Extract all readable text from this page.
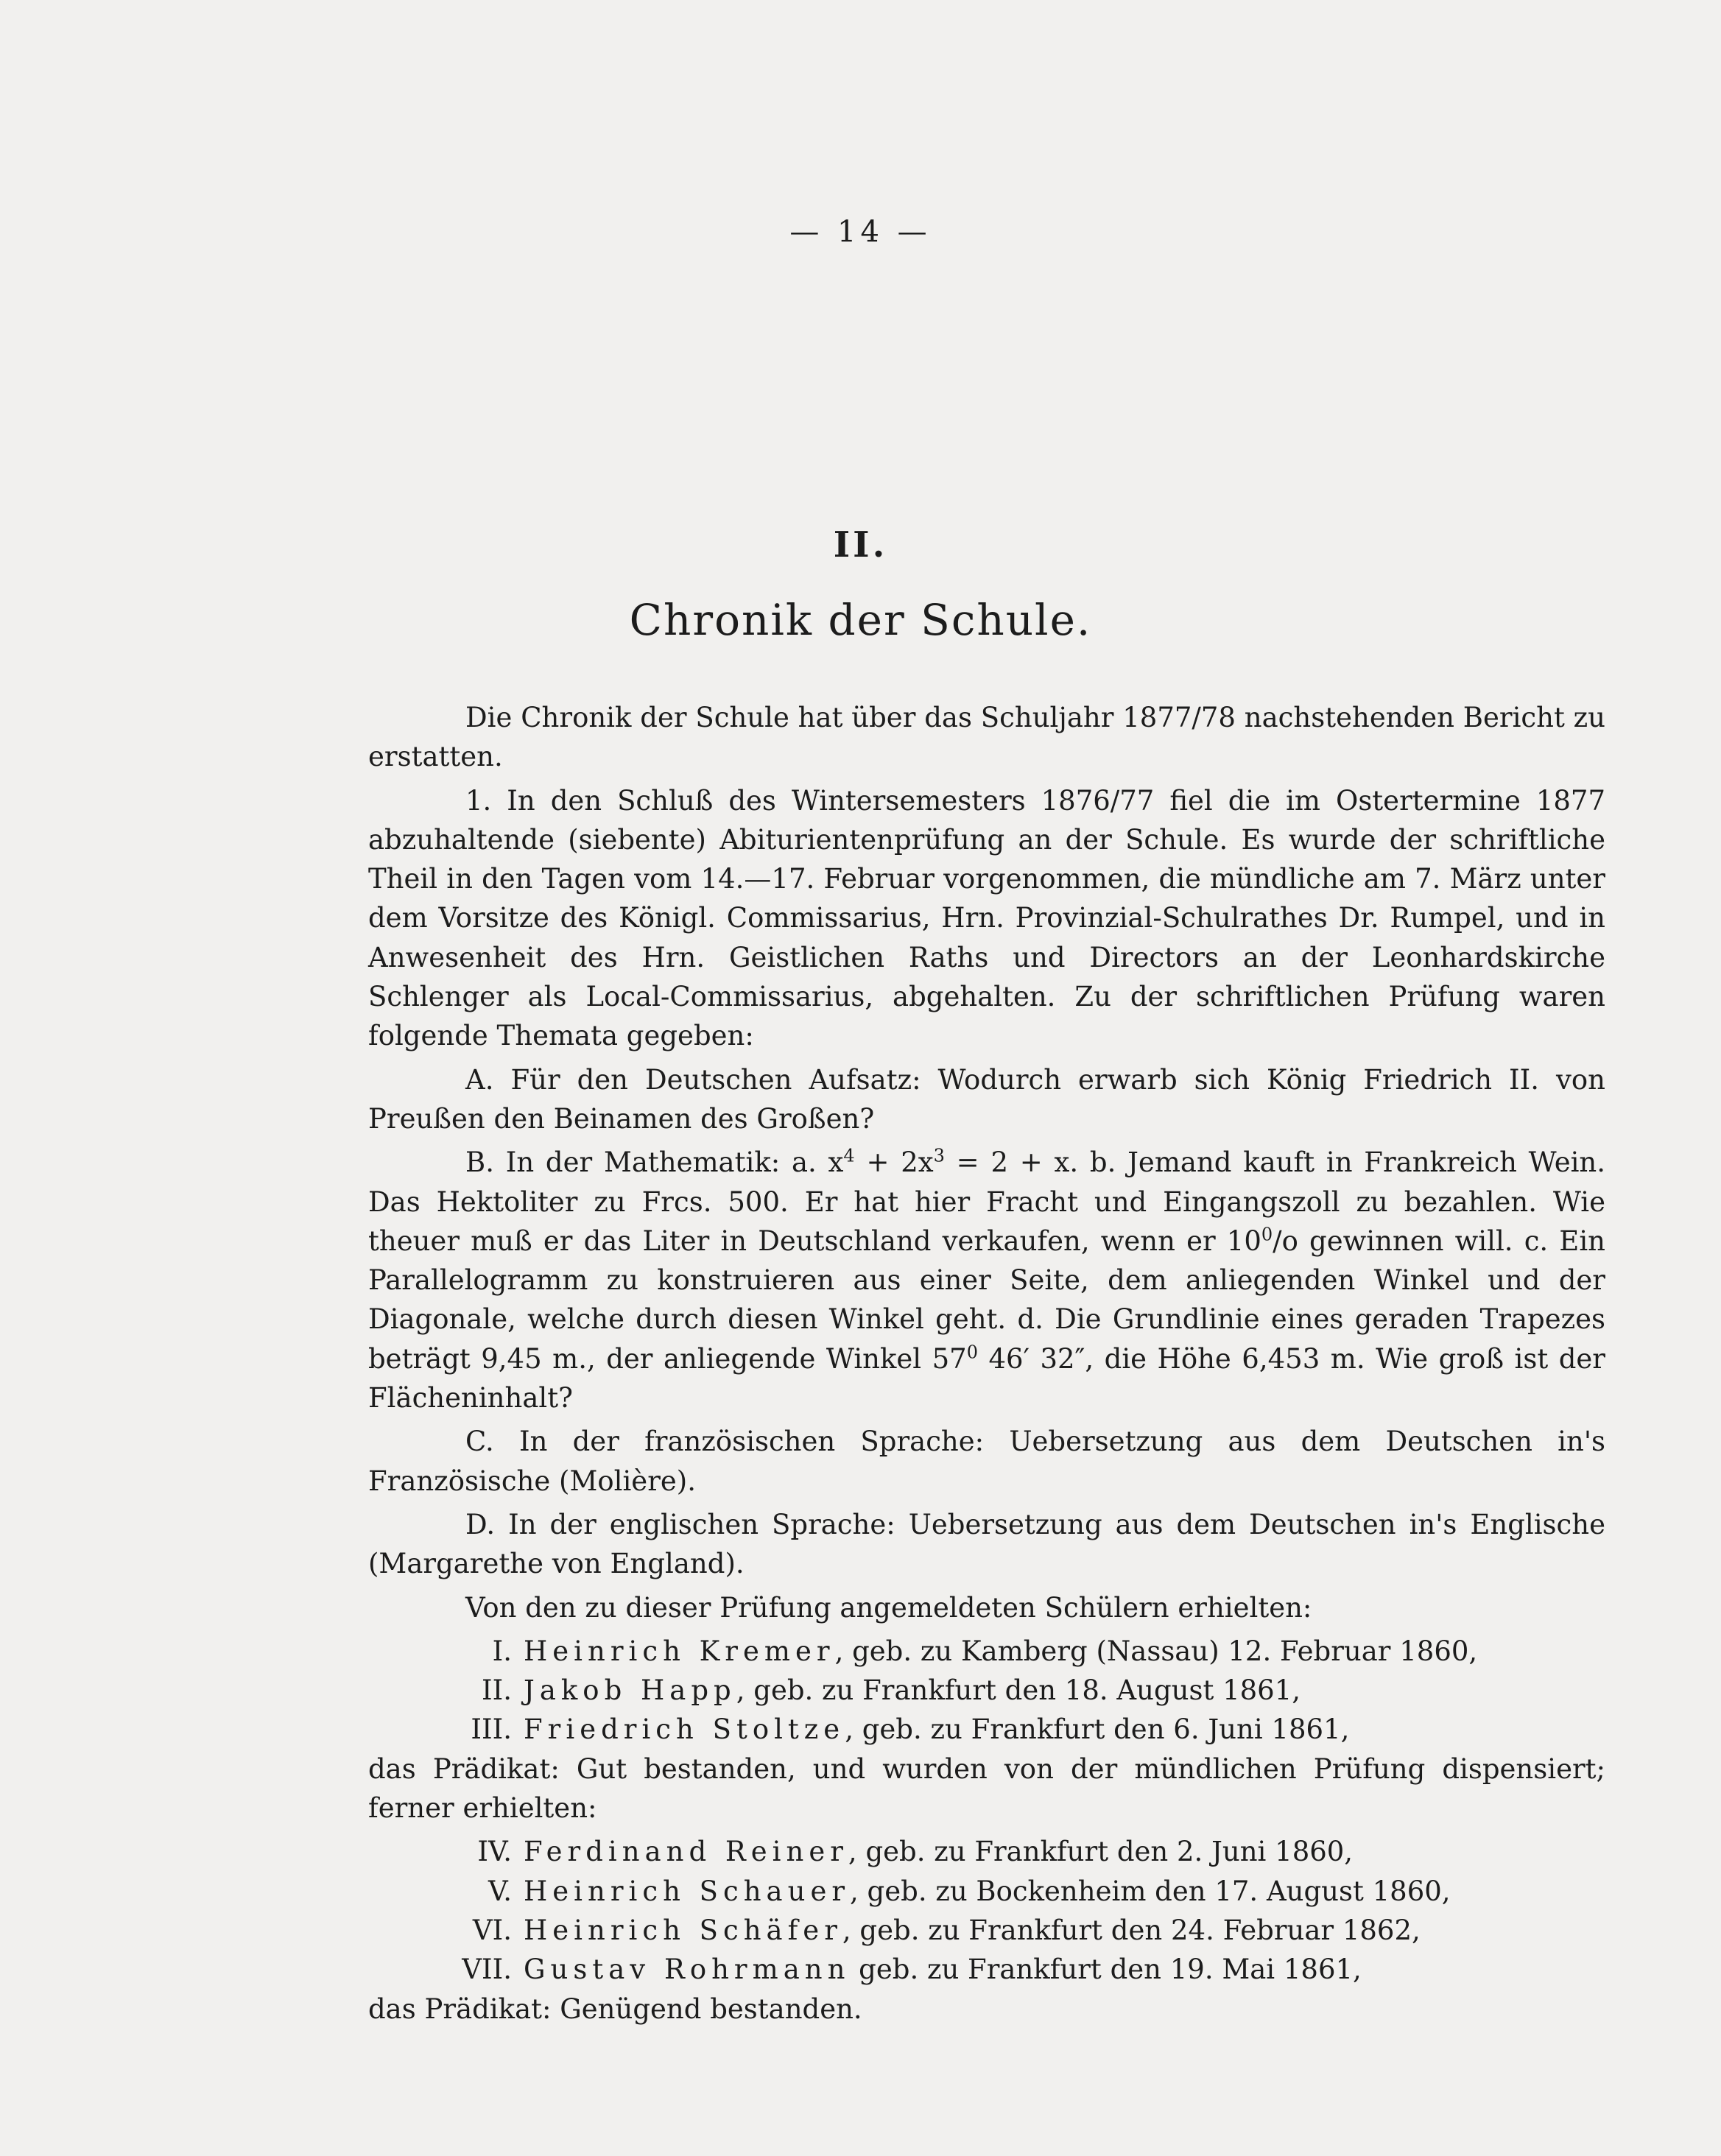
— 14 —
II.
Chronik der Schule.

Die Chronik der Schule hat über das Schuljahr 1877/78 nachstehenden Bericht zu erstatten.

1. In den Schluß des Wintersemesters 1876/77 fiel die im Ostertermine 1877 abzuhaltende (siebente) Abiturientenprüfung an der Schule. Es wurde der schriftliche Theil in den Tagen vom 14.—17. Februar vorgenommen, die mündliche am 7. März unter dem Vorsitze des Königl. Commissarius, Hrn. Provinzial-Schulrathes Dr. Rumpel, und in Anwesenheit des Hrn. Geistlichen Raths und Directors an der Leonhardskirche Schlenger als Local-Commissarius, abgehalten. Zu der schriftlichen Prüfung waren folgende Themata gegeben:

A. Für den Deutschen Aufsatz: Wodurch erwarb sich König Friedrich II. von Preußen den Beinamen des Großen?

B. In der Mathematik: a. $x^4 + 2x^3 = 2 + x$. b. Jemand kauft in Frankreich Wein. Das Hektoliter zu Frcs. 500. Er hat hier Fracht und Eingangszoll zu bezahlen. Wie theuer muß er das Liter in Deutschland verkaufen, wenn er $10^0/o$ gewinnen will. c. Ein Parallelogramm zu konstruieren aus einer Seite, dem anliegenden Winkel und der Diagonale, welche durch diesen Winkel geht. d. Die Grundlinie eines geraden Trapezes beträgt 9,45 m., der anliegende Winkel $57^0$ 46′ 32″, die Höhe 6,453 m. Wie groß ist der Flächeninhalt?

C. In der französischen Sprache: Uebersetzung aus dem Deutschen in's Französische (Molière).

D. In der englischen Sprache: Uebersetzung aus dem Deutschen in's Englische (Margarethe von England).

Von den zu dieser Prüfung angemeldeten Schülern erhielten:

I. Heinrich Kremer, geb. zu Kamberg (Nassau) 12. Februar 1860,

II. Jakob Happ, geb. zu Frankfurt den 18. August 1861,

III. Friedrich Stoltze, geb. zu Frankfurt den 6. Juni 1861,

das Prädikat: Gut bestanden, und wurden von der mündlichen Prüfung dispensiert; ferner erhielten:

IV. Ferdinand Reiner, geb. zu Frankfurt den 2. Juni 1860,

V. Heinrich Schauer, geb. zu Bockenheim den 17. August 1860,

VI. Heinrich Schäfer, geb. zu Frankfurt den 24. Februar 1862,

VII. Gustav Rohrmann geb. zu Frankfurt den 19. Mai 1861,

das Prädikat: Genügend bestanden.
